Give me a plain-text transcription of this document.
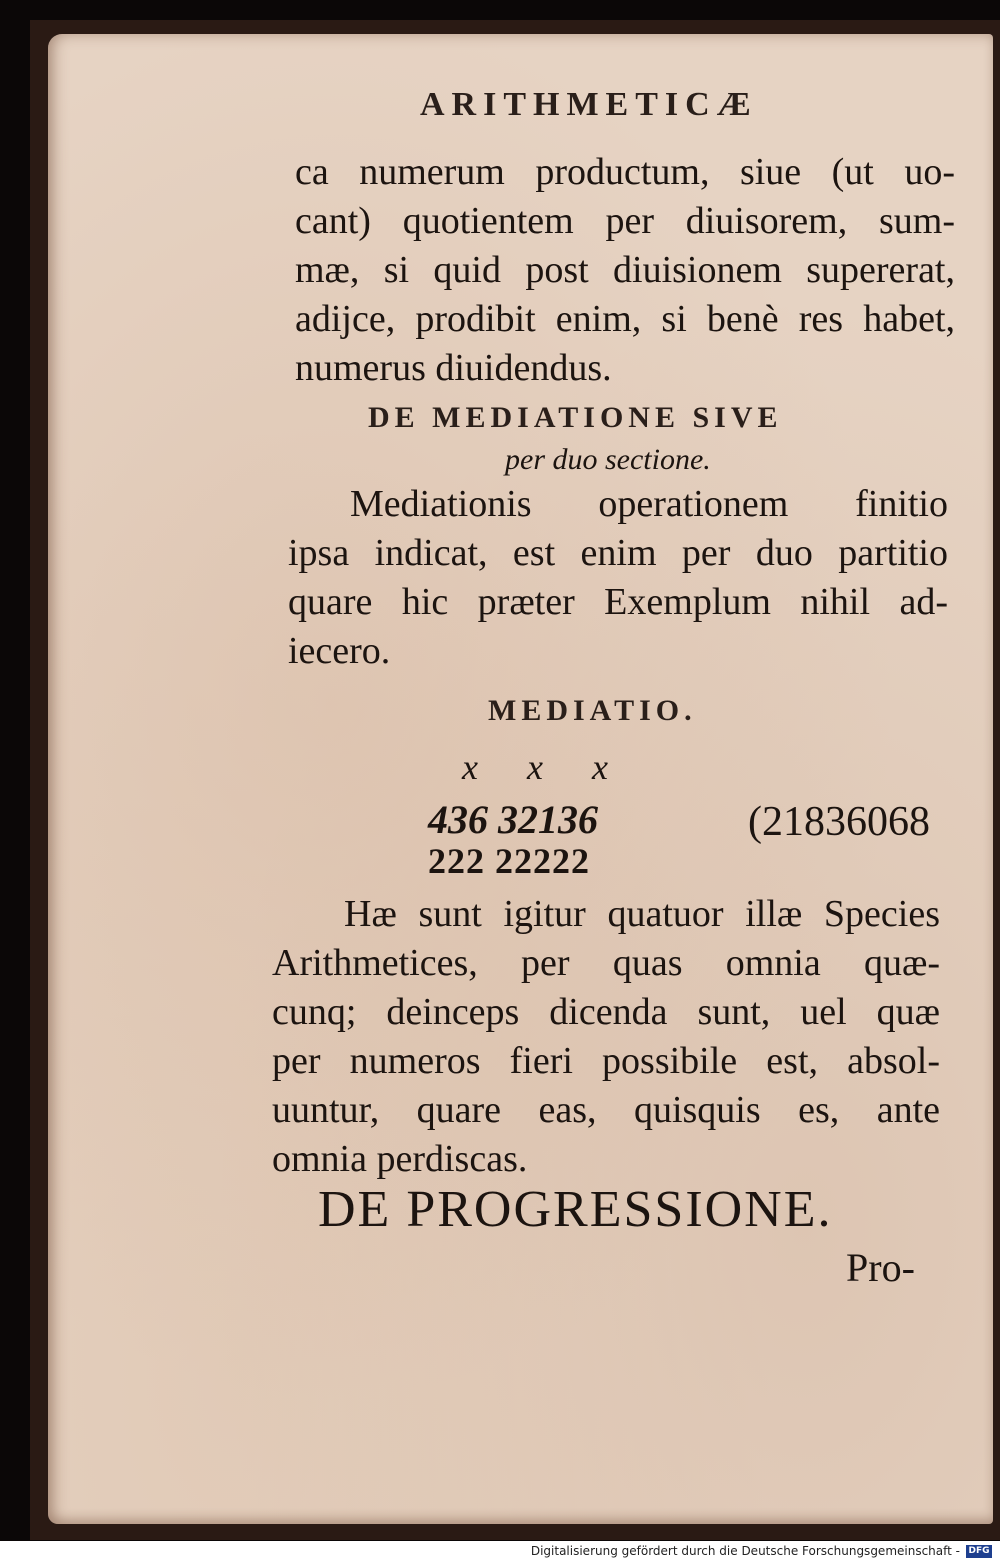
ARITHMETICÆ
ca numerum productum, siue (ut uo-
cant) quotientem per diuisorem, sum-
mæ, si quid post diuisionem supererat,
adijce, prodibit enim, si benè res habet,
numerus diuidendus.
DE MEDIATIONE SIVE
per duo sectione.
Mediationis operationem finitio
ipsa indicat, est enim per duo partitio
quare hic præter Exemplum nihil ad-
iecero.
MEDIATIO.
x x x
436 32136	(21836068
222 22222
Hæ sunt igitur quatuor illæ Species
Arithmetices, per quas omnia quæ-
cunq; deinceps dicenda sunt, uel quæ
per numeros fieri possibile est, absol-
uuntur, quare eas, quisquis es, ante
omnia perdiscas.
DE PROGRESSIONE.
Pro-
Digitalisierung gefördert durch die Deutsche Forschungsgemeinschaft - DFG
